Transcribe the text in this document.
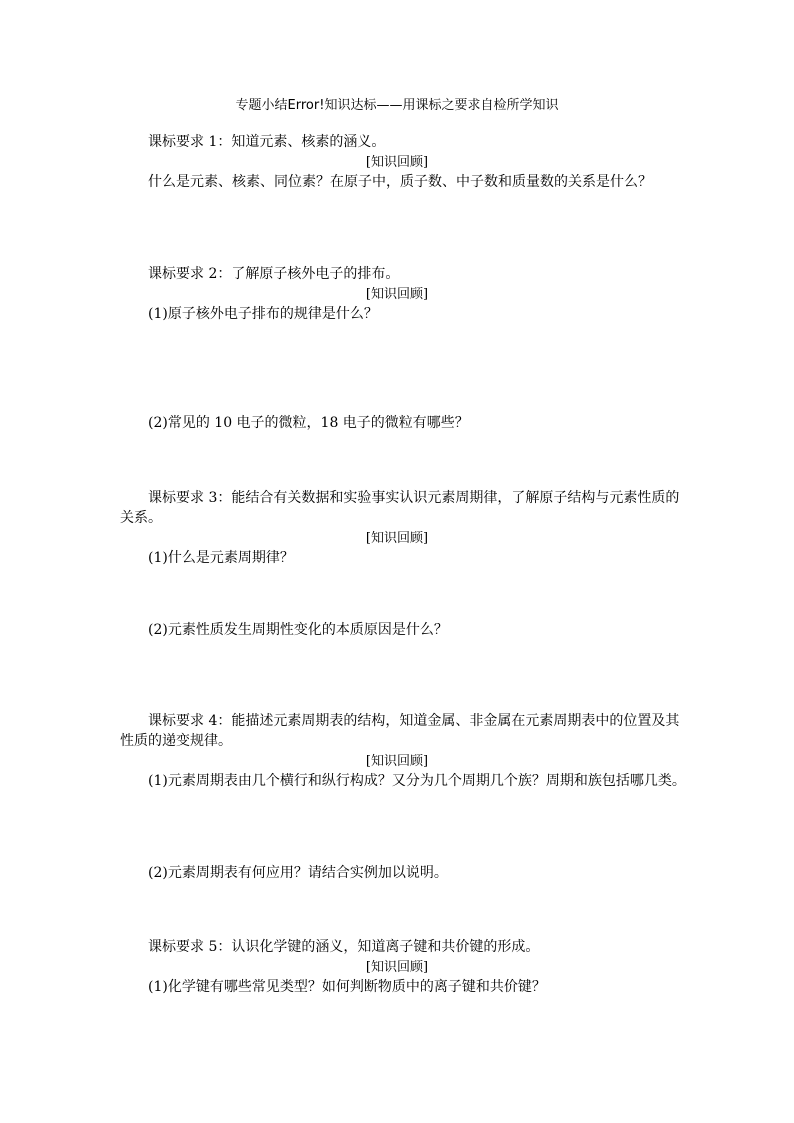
专题小结Error!知识达标——用课标之要求自检所学知识

课标要求 1：知道元素、核素的涵义。

[知识回顾]

什么是元素、核素、同位素？在原子中，质子数、中子数和质量数的关系是什么？

课标要求 2：了解原子核外电子的排布。

[知识回顾]

(1)原子核外电子排布的规律是什么？

(2)常见的 10 电子的微粒，18 电子的微粒有哪些？

课标要求 3：能结合有关数据和实验事实认识元素周期律，了解原子结构与元素性质的

关系。

[知识回顾]

(1)什么是元素周期律？

(2)元素性质发生周期性变化的本质原因是什么？

课标要求 4：能描述元素周期表的结构，知道金属、非金属在元素周期表中的位置及其

性质的递变规律。

[知识回顾]

(1)元素周期表由几个横行和纵行构成？又分为几个周期几个族？周期和族包括哪几类。

(2)元素周期表有何应用？请结合实例加以说明。

课标要求 5：认识化学键的涵义，知道离子键和共价键的形成。

[知识回顾]

(1)化学键有哪些常见类型？如何判断物质中的离子键和共价键？
